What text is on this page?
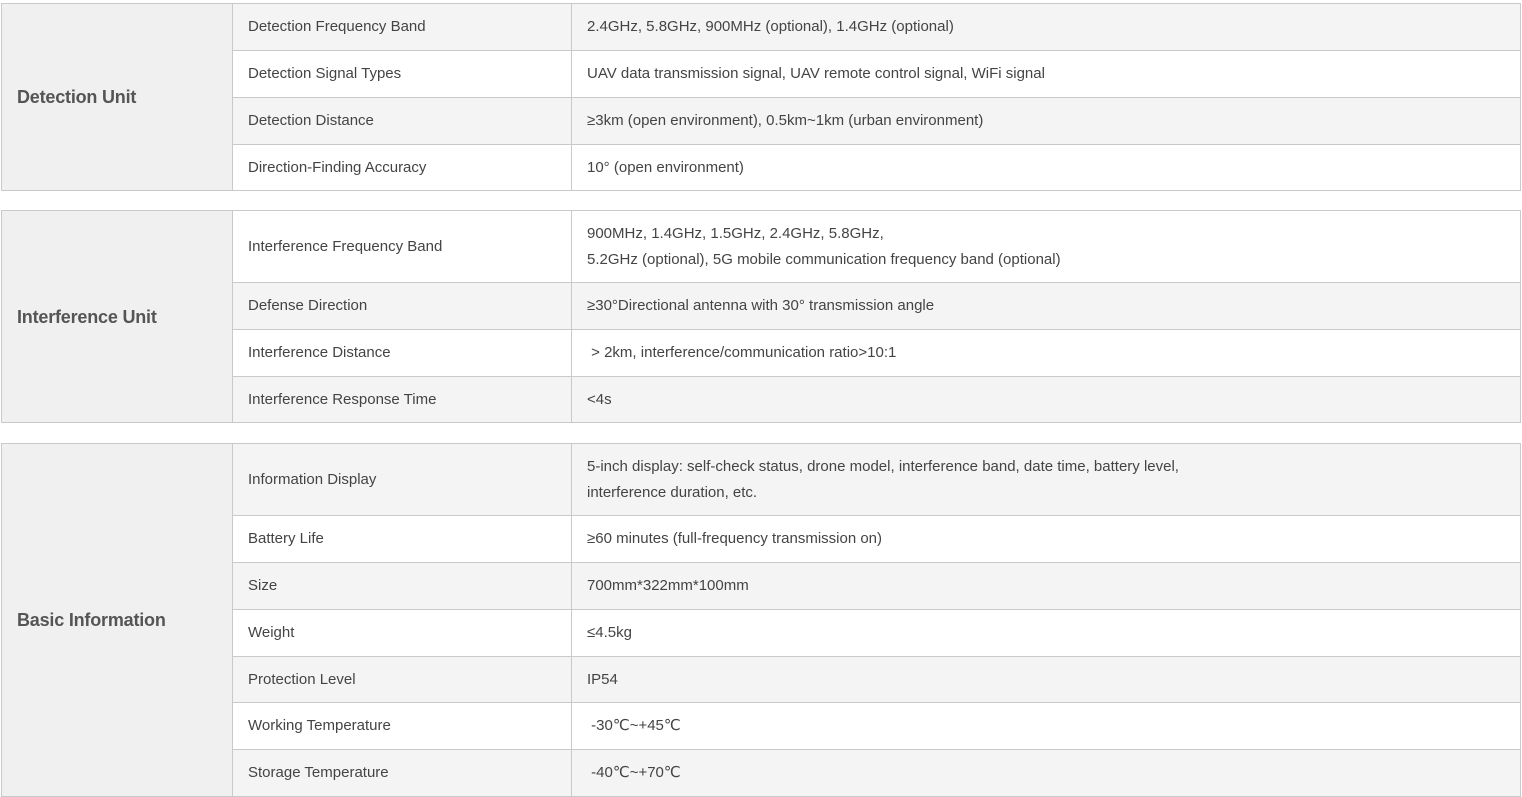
Detection Unit	Detection Frequency Band	2.4GHz, 5.8GHz, 900MHz (optional), 1.4GHz (optional)

	Detection Signal Types	UAV data transmission signal, UAV remote control signal, WiFi signal

	Detection Distance	≥3km (open environment), 0.5km~1km (urban environment)

	Direction-Finding Accuracy	10° (open environment)
Interference Unit	Interference Frequency Band	900MHz, 1.4GHz, 1.5GHz, 2.4GHz, 5.8GHz,
5.2GHz (optional), 5G mobile communication frequency band (optional)

	Defense Direction	≥30°Directional antenna with 30° transmission angle

	Interference Distance	> 2km, interference/communication ratio>10:1

	Interference Response Time	<4s
Basic Information	Information Display	5-inch display: self-check status, drone model, interference band, date time, battery level,
interference duration, etc.

	Battery Life	≥60 minutes (full-frequency transmission on)

	Size	700mm*322mm*100mm

	Weight	≤4.5kg

	Protection Level	IP54

	Working Temperature	-30℃~+45℃

	Storage Temperature	-40℃~+70℃
